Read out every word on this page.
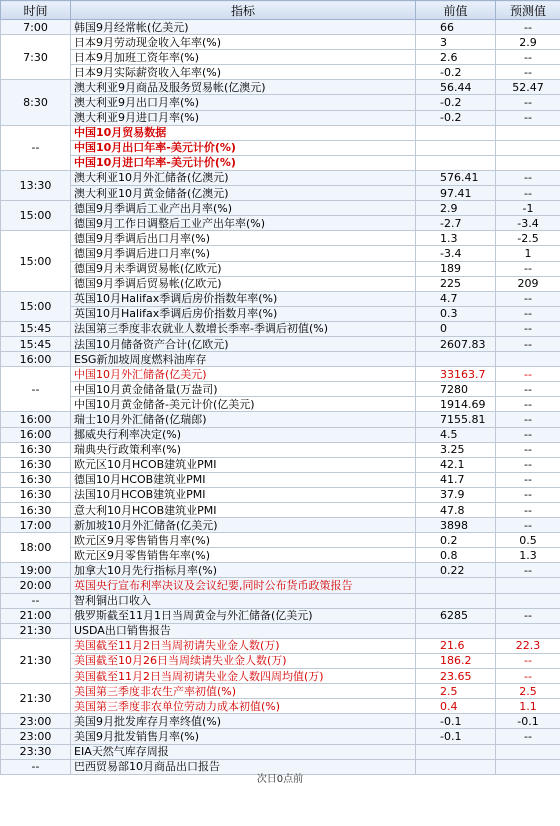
时间	指标	前值	预测值
7:00	韩国9月经常帐(亿美元)	66	--
7:30	日本9月劳动现金收入年率(%)	3	2.9
	日本9月加班工资年率(%)	2.6	--
	日本9月实际薪资收入年率(%)	-0.2	--
8:30	澳大利亚9月商品及服务贸易帐(亿澳元)	56.44	52.47
	澳大利亚9月出口月率(%)	-0.2	--
	澳大利亚9月进口月率(%)	-0.2	--
--	中国10月贸易数据		
	中国10月出口年率-美元计价(%)		
	中国10月进口年率-美元计价(%)		
13:30	澳大利亚10月外汇储备(亿澳元)	576.41	--
	澳大利亚10月黄金储备(亿澳元)	97.41	--
15:00	德国9月季调后工业产出月率(%)	2.9	-1
	德国9月工作日调整后工业产出年率(%)	-2.7	-3.4
15:00	德国9月季调后出口月率(%)	1.3	-2.5
	德国9月季调后进口月率(%)	-3.4	1
	德国9月未季调贸易帐(亿欧元)	189	--
	德国9月季调后贸易帐(亿欧元)	225	209
15:00	英国10月Halifax季调后房价指数年率(%)	4.7	--
	英国10月Halifax季调后房价指数月率(%)	0.3	--
15:45	法国第三季度非农就业人数增长季率-季调后初值(%)	0	--
15:45	法国10月储备资产合计(亿欧元)	2607.83	--
16:00	ESG新加坡周度燃料油库存		
--	中国10月外汇储备(亿美元)	33163.7	--
	中国10月黄金储备量(万盎司)	7280	--
	中国10月黄金储备-美元计价(亿美元)	1914.69	--
16:00	瑞士10月外汇储备(亿瑞郎)	7155.81	--
16:00	挪威央行利率决定(%)	4.5	--
16:30	瑞典央行政策利率(%)	3.25	--
16:30	欧元区10月HCOB建筑业PMI	42.1	--
16:30	德国10月HCOB建筑业PMI	41.7	--
16:30	法国10月HCOB建筑业PMI	37.9	--
16:30	意大利10月HCOB建筑业PMI	47.8	--
17:00	新加坡10月外汇储备(亿美元)	3898	--
18:00	欧元区9月零售销售月率(%)	0.2	0.5
	欧元区9月零售销售年率(%)	0.8	1.3
19:00	加拿大10月先行指标月率(%)	0.22	--
20:00	英国央行宣布利率决议及会议纪要,同时公布货币政策报告		
--	智利铜出口收入		
21:00	俄罗斯截至11月1日当周黄金与外汇储备(亿美元)	6285	--
21:30	USDA出口销售报告		
21:30	美国截至11月2日当周初请失业金人数(万)	21.6	22.3
	美国截至10月26日当周续请失业金人数(万)	186.2	--
	美国截至11月2日当周初请失业金人数四周均值(万)	23.65	--
21:30	美国第三季度非农生产率初值(%)	2.5	2.5
	美国第三季度非农单位劳动力成本初值(%)	0.4	1.1
23:00	美国9月批发库存月率终值(%)	-0.1	-0.1
23:00	美国9月批发销售月率(%)	-0.1	--
23:30	EIA天然气库存周报		
--	巴西贸易部10月商品出口报告		
次日0点前
